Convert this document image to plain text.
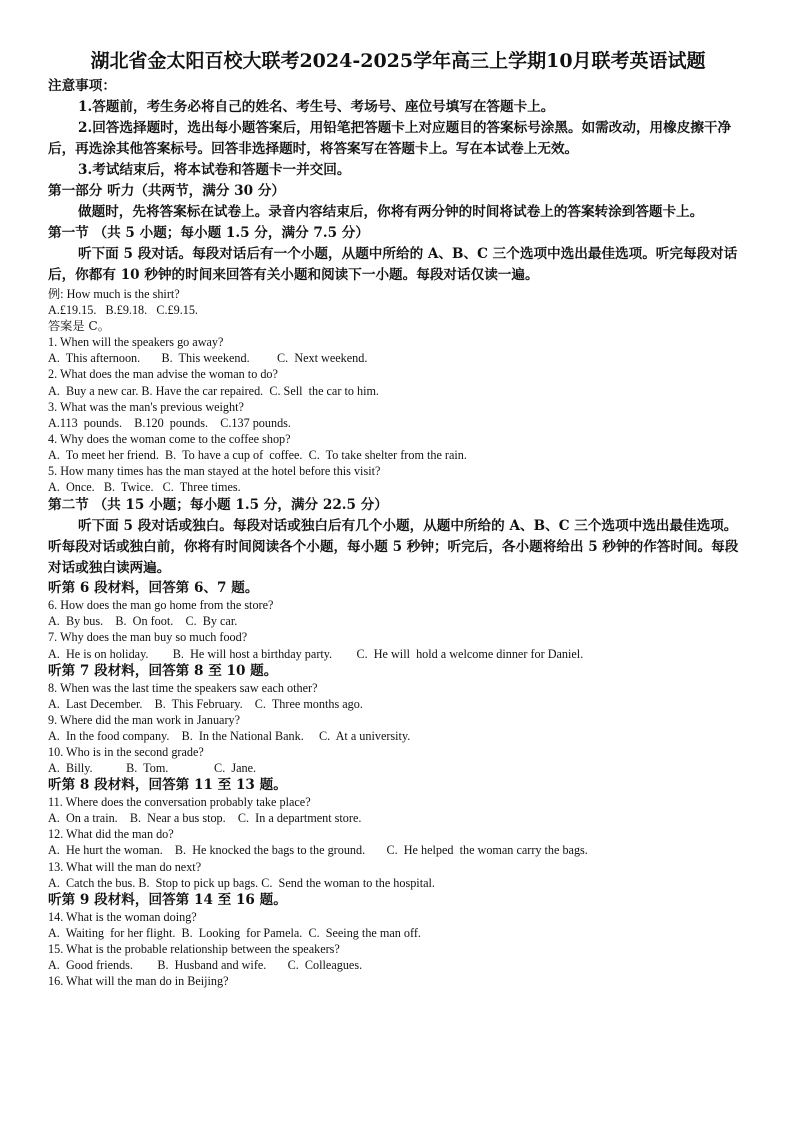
湖北省金太阳百校大联考2024-2025学年高三上学期10月联考英语试题

注意事项：

1.答题前，考生务必将自己的姓名、考生号、考场号、座位号填写在答题卡上。

2.回答选择题时，选出每小题答案后，用铅笔把答题卡上对应题目的答案标号涂黑。如需改动，用橡皮擦干净后，再选涂其他答案标号。回答非选择题时，将答案写在答题卡上。写在本试卷上无效。

3.考试结束后，将本试卷和答题卡一并交回。

第一部分 听力（共两节，满分 30 分）

做题时，先将答案标在试卷上。录音内容结束后，你将有两分钟的时间将试卷上的答案转涂到答题卡上。

第一节 （共 5 小题；每小题 1.5 分，满分 7.5 分）

听下面 5 段对话。每段对话后有一个小题，从题中所给的 A、B、C 三个选项中选出最佳选项。听完每段对话后，你都有 10 秒钟的时间来回答有关小题和阅读下一小题。每段对话仅读一遍。

例: How much is the shirt?

A.£19.15.   B.£9.18.   C.£9.15.

答案是 C。

1. When will the speakers go away?

A.  This afternoon.       B.  This weekend.         C.  Next weekend.

2. What does the man advise the woman to do?

A.  Buy a new car. B. Have the car repaired.  C. Sell  the car to him.

3. What was the man's previous weight?

A.113  pounds.    B.120  pounds.    C.137 pounds.

4. Why does the woman come to the coffee shop?

A.  To meet her friend.  B.  To have a cup of  coffee.  C.  To take shelter from the rain.

5. How many times has the man stayed at the hotel before this visit?

A.  Once.   B.  Twice.   C.  Three times.

第二节 （共 15 小题；每小题 1.5 分，满分 22.5 分）

听下面 5 段对话或独白。每段对话或独白后有几个小题，从题中所给的 A、B、C 三个选项中选出最佳选项。听每段对话或独白前，你将有时间阅读各个小题，每小题 5 秒钟；听完后，各小题将给出 5 秒钟的作答时间。每段对话或独白读两遍。

听第 6 段材料，回答第 6、7 题。

6. How does the man go home from the store?

A.  By bus.    B.  On foot.    C.  By car.

7. Why does the man buy so much food?

A.  He is on holiday.        B.  He will host a birthday party.        C.  He will  hold a welcome dinner for Daniel.

听第 7 段材料，回答第 8 至 10 题。

8. When was the last time the speakers saw each other?

A.  Last December.    B.  This February.    C.  Three months ago.

9. Where did the man work in January?

A.  In the food company.    B.  In the National Bank.     C.  At a university.

10. Who is in the second grade?

A.  Billy.           B.  Tom.               C.  Jane.

听第 8 段材料，回答第 11 至 13 题。

11. Where does the conversation probably take place?

A.  On a train.    B.  Near a bus stop.    C.  In a department store.

12. What did the man do?

A.  He hurt the woman.    B.  He knocked the bags to the ground.       C.  He helped  the woman carry the bags.

13. What will the man do next?

A.  Catch the bus. B.  Stop to pick up bags. C.  Send the woman to the hospital.

听第 9 段材料，回答第 14 至 16 题。

14. What is the woman doing?

A.  Waiting  for her flight.  B.  Looking  for Pamela.  C.  Seeing the man off.

15. What is the probable relationship between the speakers?

A.  Good friends.        B.  Husband and wife.       C.  Colleagues.

16. What will the man do in Beijing?
